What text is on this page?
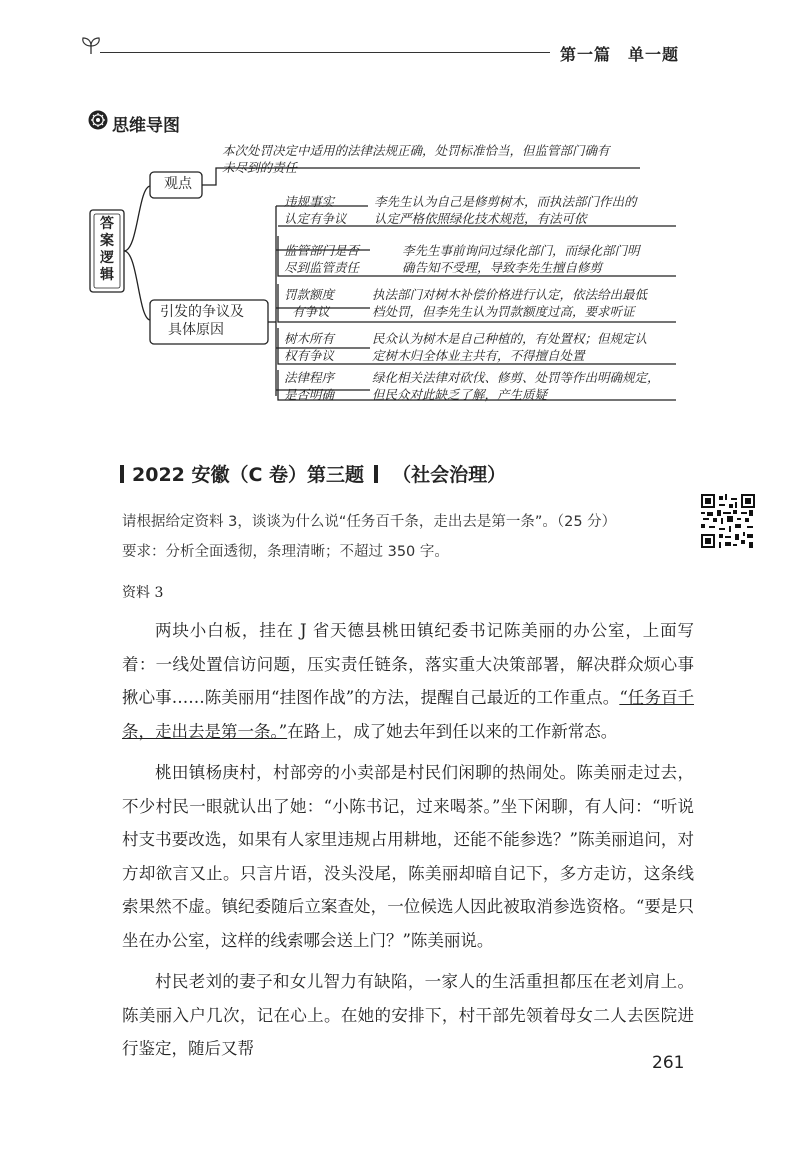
第一篇　单一题
思维导图
答案逻辑
观点
本次处罚决定中适用的法律法规正确，处罚标准恰当，但监管部门确有
未尽到的责任
引发的争议及
具体原因
违规事实
认定有争议
李先生认为自己是修剪树木，而执法部门作出的
认定严格依照绿化技术规范，有法可依
监管部门是否
尽到监管责任
李先生事前询问过绿化部门，而绿化部门明
确告知不受理，导致李先生擅自修剪
罚款额度
有争议
执法部门对树木补偿价格进行认定，依法给出最低
档处罚，但李先生认为罚款额度过高，要求听证
树木所有
权有争议
民众认为树木是自己种植的，有处置权；但规定认
定树木归全体业主共有，不得擅自处置
法律程序
是否明确
绿化相关法律对砍伐、修剪、处罚等作出明确规定，
但民众对此缺乏了解，产生质疑
2022 安徽（C 卷）第三题 （社会治理）
请根据给定资料 3，谈谈为什么说“任务百千条，走出去是第一条”。（25 分）
要求：分析全面透彻，条理清晰；不超过 350 字。
资料 3

两块小白板，挂在 J 省天德县桃田镇纪委书记陈美丽的办公室，上面写着：一线处置信访问题，压实责任链条，落实重大决策部署，解决群众烦心事揪心事……陈美丽用“挂图作战”的方法，提醒自己最近的工作重点。“任务百千条，走出去是第一条。”在路上，成了她去年到任以来的工作新常态。

桃田镇杨庚村，村部旁的小卖部是村民们闲聊的热闹处。陈美丽走过去，不少村民一眼就认出了她：“小陈书记，过来喝茶。”坐下闲聊，有人问：“听说村支书要改选，如果有人家里违规占用耕地，还能不能参选？”陈美丽追问，对方却欲言又止。只言片语，没头没尾，陈美丽却暗自记下，多方走访，这条线索果然不虚。镇纪委随后立案查处，一位候选人因此被取消参选资格。“要是只坐在办公室，这样的线索哪会送上门？”陈美丽说。

村民老刘的妻子和女儿智力有缺陷，一家人的生活重担都压在老刘肩上。陈美丽入户几次，记在心上。在她的安排下，村干部先领着母女二人去医院进行鉴定，随后又帮

261
